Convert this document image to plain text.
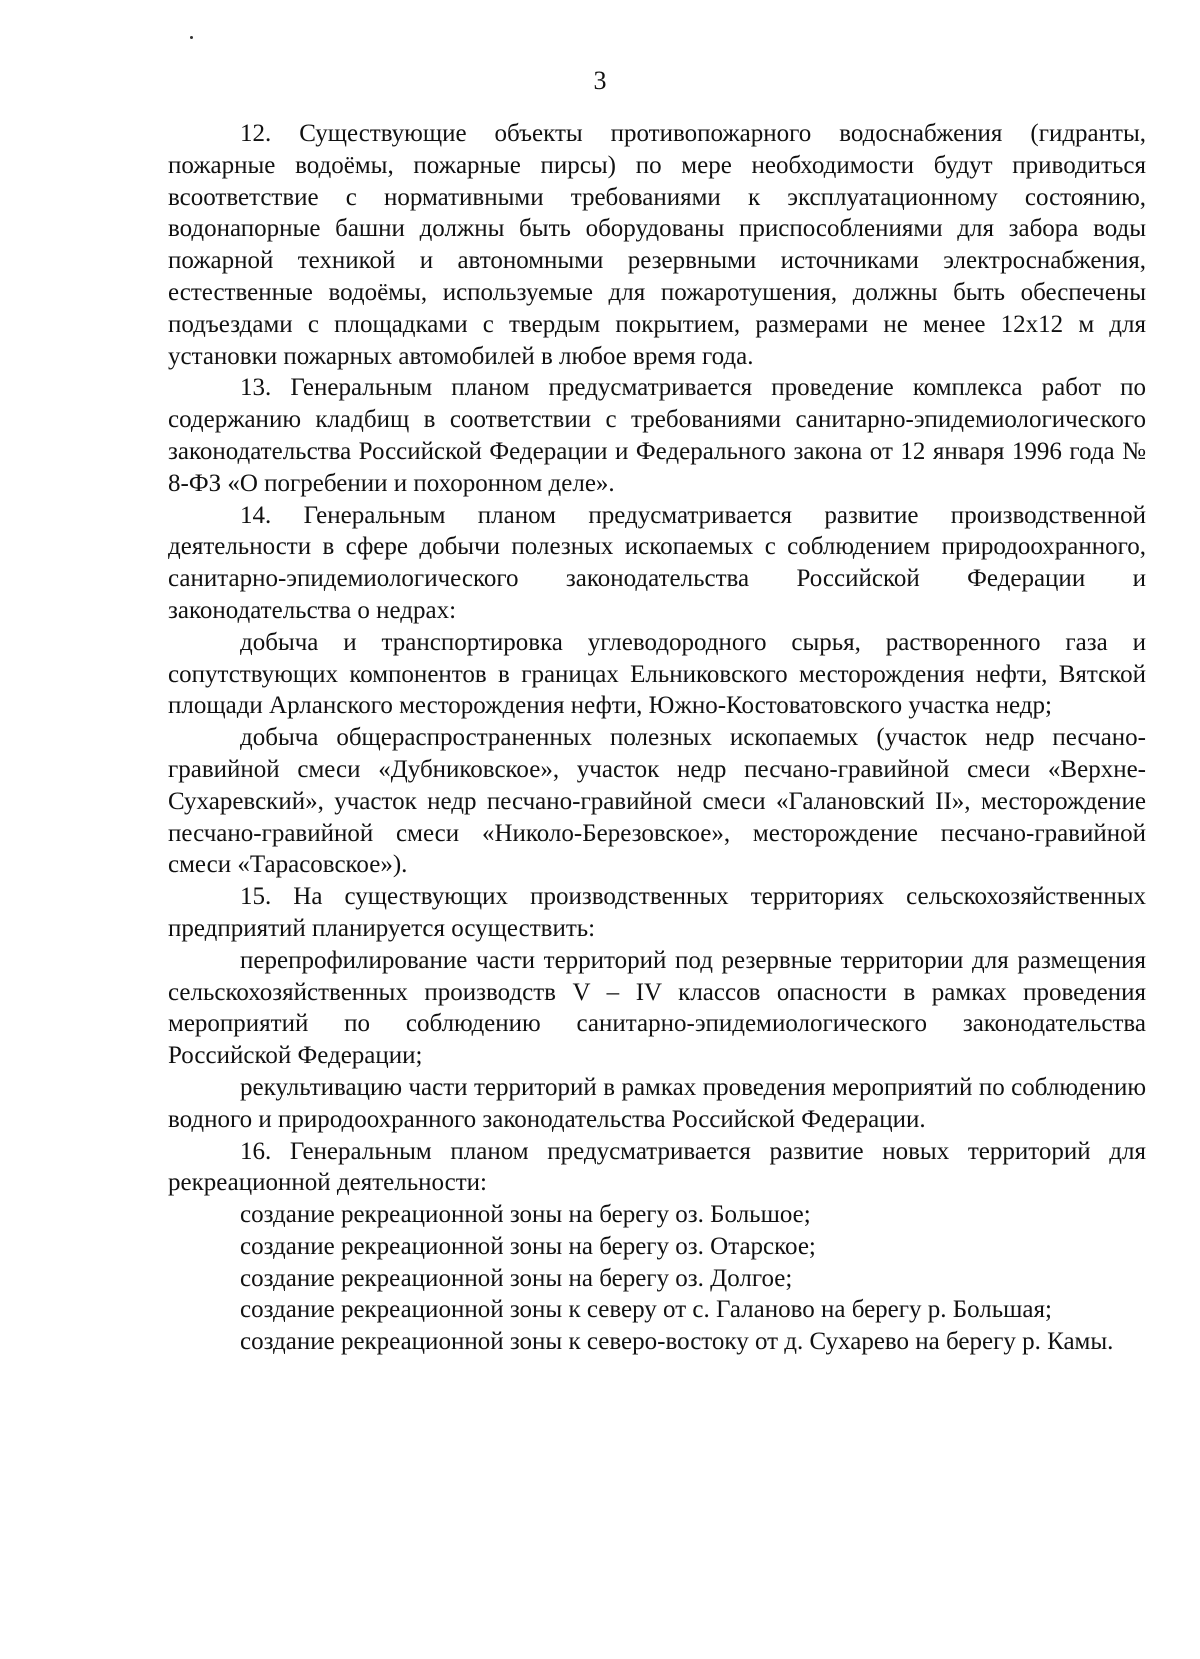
3

12. Существующие объекты противопожарного водоснабжения (гидранты, пожарные водоёмы, пожарные пирсы) по мере необходимости будут приводиться всоответствие с нормативными требованиями к эксплуатационному состоянию, водонапорные башни должны быть оборудованы приспособлениями для забора воды пожарной техникой и автономными резервными источниками электроснабжения, естественные водоёмы, используемые для пожаротушения, должны быть обеспечены подъездами с площадками с твердым покрытием, размерами не менее 12х12 м для установки пожарных автомобилей в любое время года.

13. Генеральным планом предусматривается проведение комплекса работ по содержанию кладбищ в соответствии с требованиями санитарно-эпидемиологического законодательства Российской Федерации и Федерального закона от 12 января 1996 года № 8-ФЗ «О погребении и похоронном деле».

14. Генеральным планом предусматривается развитие производственной деятельности в сфере добычи полезных ископаемых с соблюдением природоохранного, санитарно-эпидемиологического законодательства Российской Федерации и законодательства о недрах:

добыча и транспортировка углеводородного сырья, растворенного газа и сопутствующих компонентов в границах Ельниковского месторождения нефти, Вятской площади Арланского месторождения нефти, Южно-Костоватовского участка недр;

добыча общераспространенных полезных ископаемых (участок недр песчано-гравийной смеси «Дубниковское», участок недр песчано-гравийной смеси «Верхне-Сухаревский», участок недр песчано-гравийной смеси «Галановский II», месторождение песчано-гравийной смеси «Николо-Березовское», месторождение песчано-гравийной смеси «Тарасовское»).

15. На существующих производственных территориях сельскохозяйственных предприятий планируется осуществить:

перепрофилирование части территорий под резервные территории для размещения сельскохозяйственных производств V – IV классов опасности в рамках проведения мероприятий по соблюдению санитарно-эпидемиологического законодательства Российской Федерации;

рекультивацию части территорий в рамках проведения мероприятий по соблюдению водного и природоохранного законодательства Российской Федерации.

16. Генеральным планом предусматривается развитие новых территорий для рекреационной деятельности:

создание рекреационной зоны на берегу оз. Большое;

создание рекреационной зоны на берегу оз. Отарское;

создание рекреационной зоны на берегу оз. Долгое;

создание рекреационной зоны к северу от с. Галаново на берегу р. Большая;

создание рекреационной зоны к северо-востоку от д. Сухарево на берегу р. Камы.
